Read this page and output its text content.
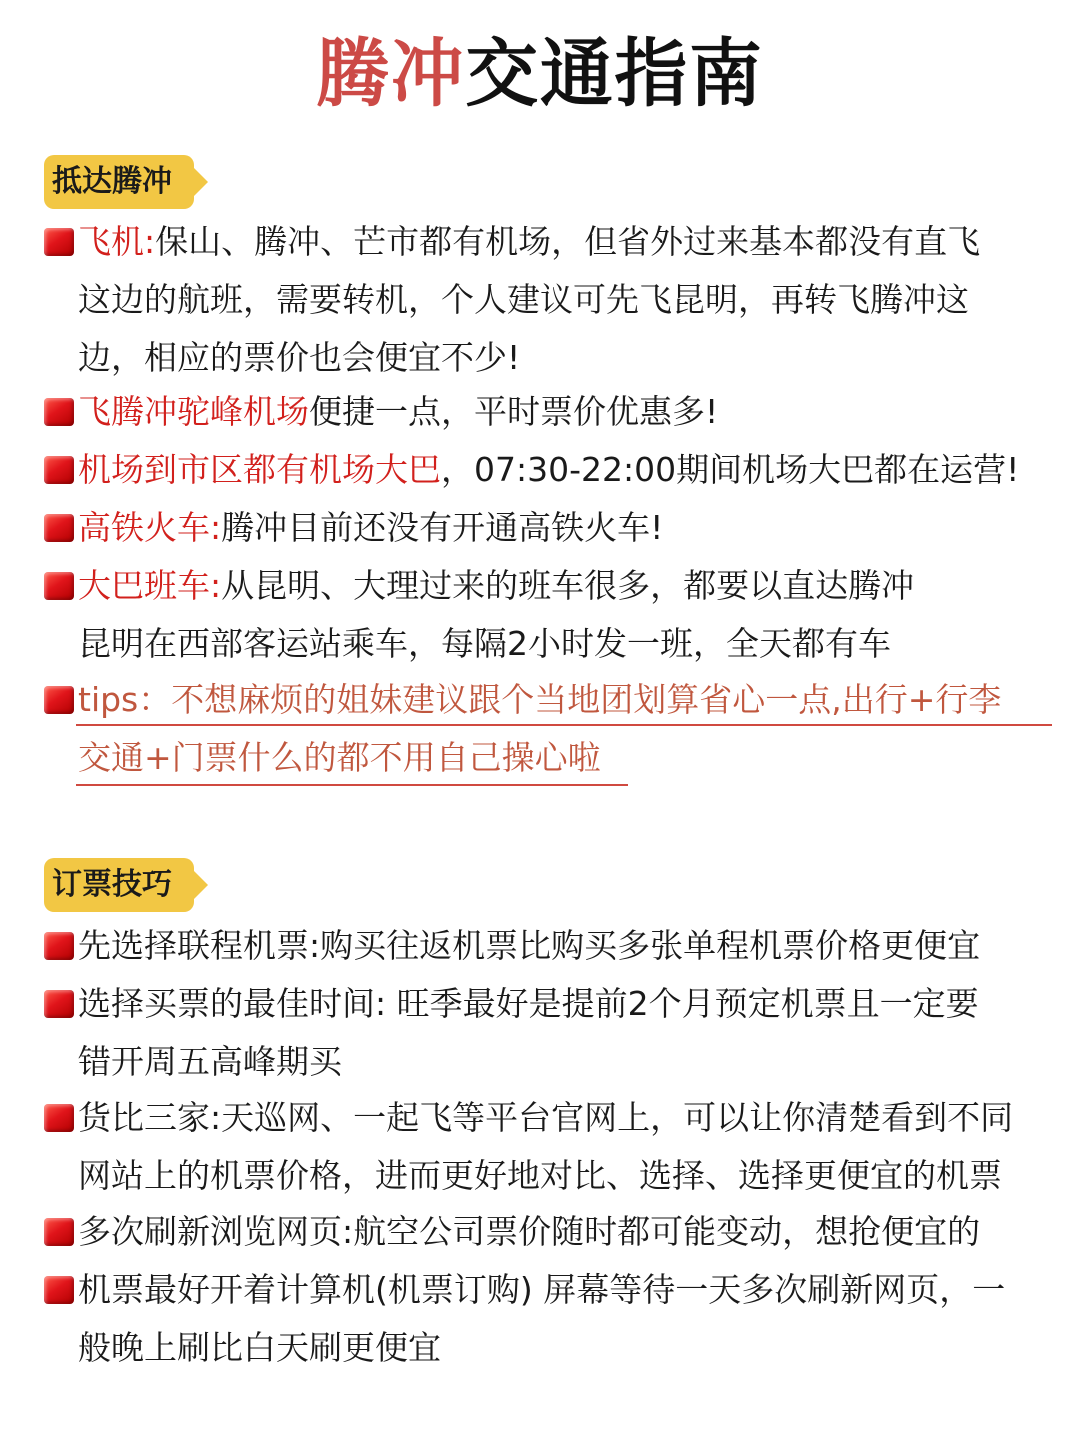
腾冲交通指南
抵达腾冲
飞机:保山、腾冲、芒市都有机场，但省外过来基本都没有直飞
这边的航班，需要转机，个人建议可先飞昆明，再转飞腾冲这
边，相应的票价也会便宜不少!
飞腾冲驼峰机场便捷一点，平时票价优惠多!
机场到市区都有机场大巴，07:30-22:00期间机场大巴都在运营!
高铁火车:腾冲目前还没有开通高铁火车!
大巴班车:从昆明、大理过来的班车很多，都要以直达腾冲
昆明在西部客运站乘车，每隔2小时发一班，全天都有车
tips：不想麻烦的姐妹建议跟个当地团划算省心一点,出行+行李
交通+门票什么的都不用自己操心啦
订票技巧
先选择联程机票:购买往返机票比购买多张单程机票价格更便宜
选择买票的最佳时间: 旺季最好是提前2个月预定机票且一定要
错开周五高峰期买
货比三家:天巡网、一起飞等平台官网上，可以让你清楚看到不同
网站上的机票价格，进而更好地对比、选择、选择更便宜的机票
多次刷新浏览网页:航空公司票价随时都可能变动，想抢便宜的
机票最好开着计算机(机票订购) 屏幕等待一天多次刷新网页，一
般晚上刷比白天刷更便宜
